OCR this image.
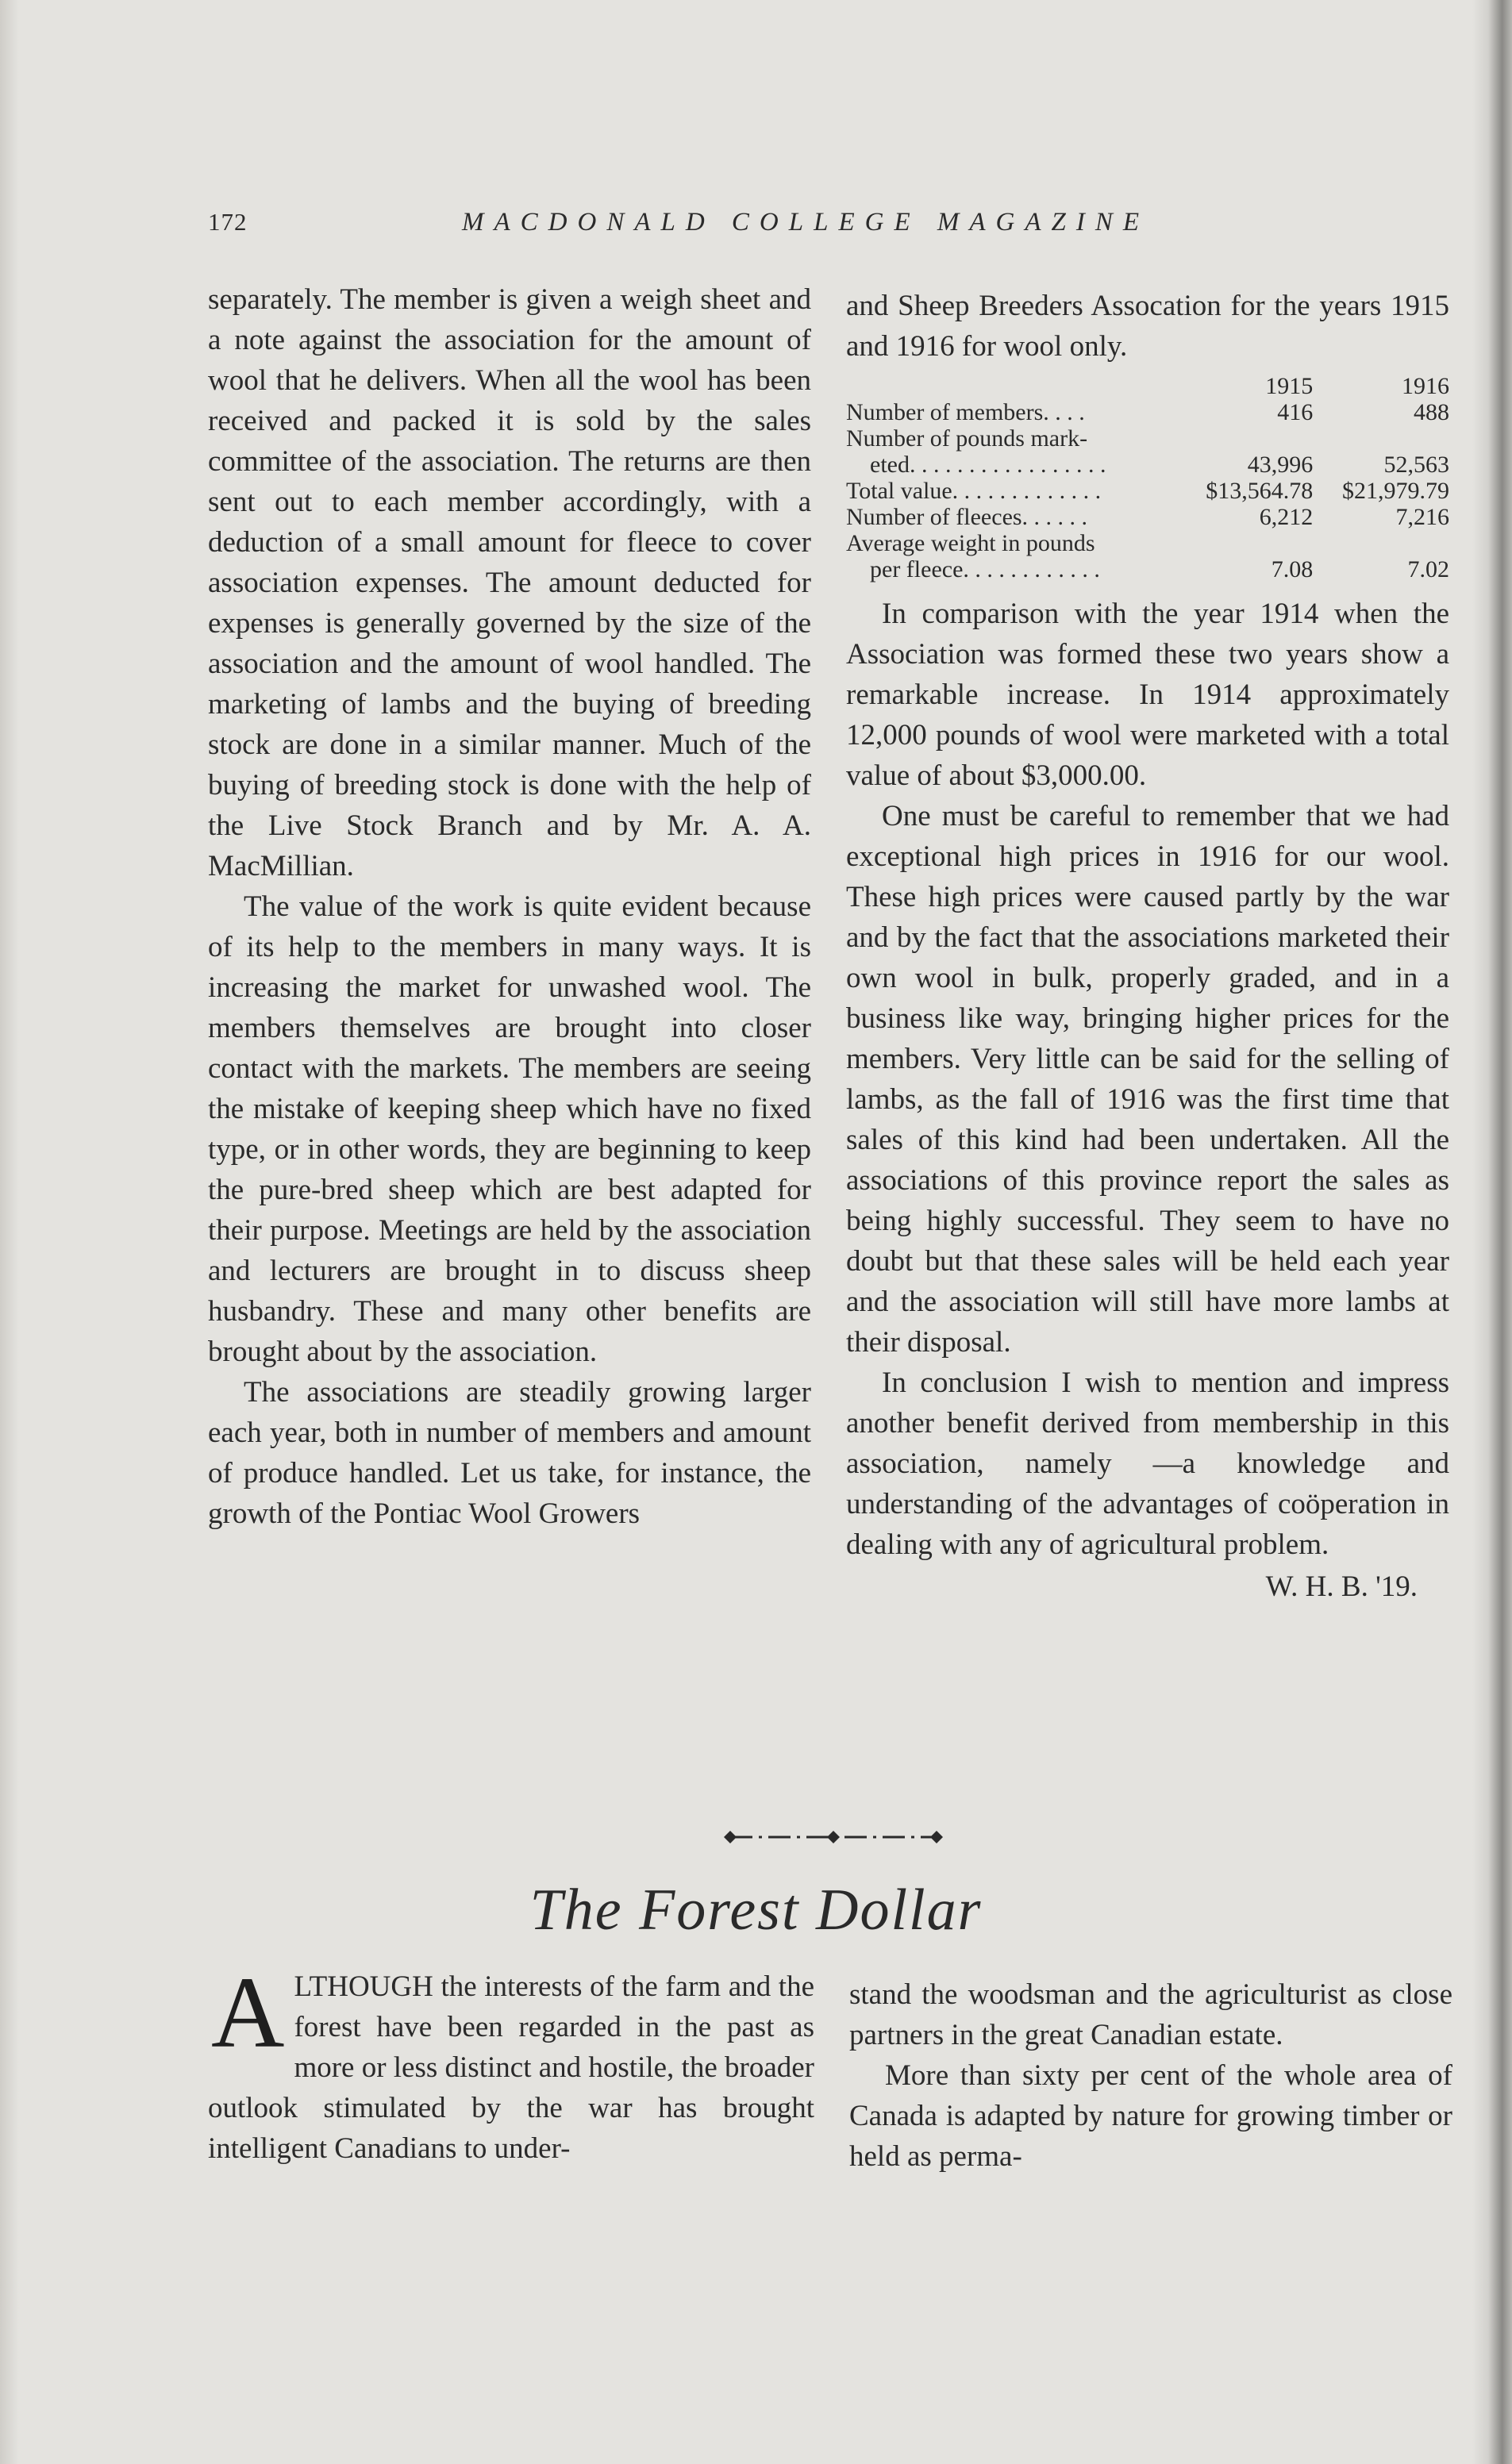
172	MACDONALD COLLEGE MAGAZINE

separately. The member is given a weigh sheet and a note against the association for the amount of wool that he delivers. When all the wool has been received and packed it is sold by the sales committee of the association. The returns are then sent out to each member accordingly, with a deduction of a small amount for fleece to cover association expenses. The amount deducted for expenses is generally governed by the size of the association and the amount of wool handled. The marketing of lambs and the buying of breeding stock are done in a similar manner. Much of the buying of breeding stock is done with the help of the Live Stock Branch and by Mr. A. A. MacMillian.

The value of the work is quite evident because of its help to the members in many ways. It is increasing the market for unwashed wool. The members themselves are brought into closer contact with the markets. The members are seeing the mistake of keeping sheep which have no fixed type, or in other words, they are beginning to keep the pure-bred sheep which are best adapted for their purpose. Meetings are held by the association and lecturers are brought in to discuss sheep husbandry. These and many other benefits are brought about by the association.

The associations are steadily growing larger each year, both in number of members and amount of produce handled. Let us take, for instance, the growth of the Pontiac Wool Growers

and Sheep Breeders Assocation for the years 1915 and 1916 for wool only.

	1915	1916
Number of members. . . .	416	488
Number of pounds mark-		
eted. . . . . . . . . . . . . . . . .	43,996	52,563
Total value. . . . . . . . . . . . .	$13,564.78	$21,979.79
Number of fleeces. . . . . .	6,212	7,216
Average weight in pounds		
per fleece. . . . . . . . . . . .	7.08	7.02

In comparison with the year 1914 when the Association was formed these two years show a remarkable increase. In 1914 approximately 12,000 pounds of wool were marketed with a total value of about $3,000.00.

One must be careful to remember that we had exceptional high prices in 1916 for our wool. These high prices were caused partly by the war and by the fact that the associations marketed their own wool in bulk, properly graded, and in a business like way, bringing higher prices for the members. Very little can be said for the selling of lambs, as the fall of 1916 was the first time that sales of this kind had been undertaken. All the associations of this province report the sales as being highly successful. They seem to have no doubt but that these sales will be held each year and the association will still have more lambs at their disposal.

In conclusion I wish to mention and impress another benefit derived from membership in this association, namely —a knowledge and understanding of the advantages of coöperation in dealing with any of agricultural problem.

W. H. B. '19.
The Forest Dollar

ALTHOUGH the interests of the farm and the forest have been regarded in the past as more or less distinct and hostile, the broader outlook stimulated by the war has brought intelligent Canadians to under-

stand the woodsman and the agriculturist as close partners in the great Canadian estate.

More than sixty per cent of the whole area of Canada is adapted by nature for growing timber or held as perma-
